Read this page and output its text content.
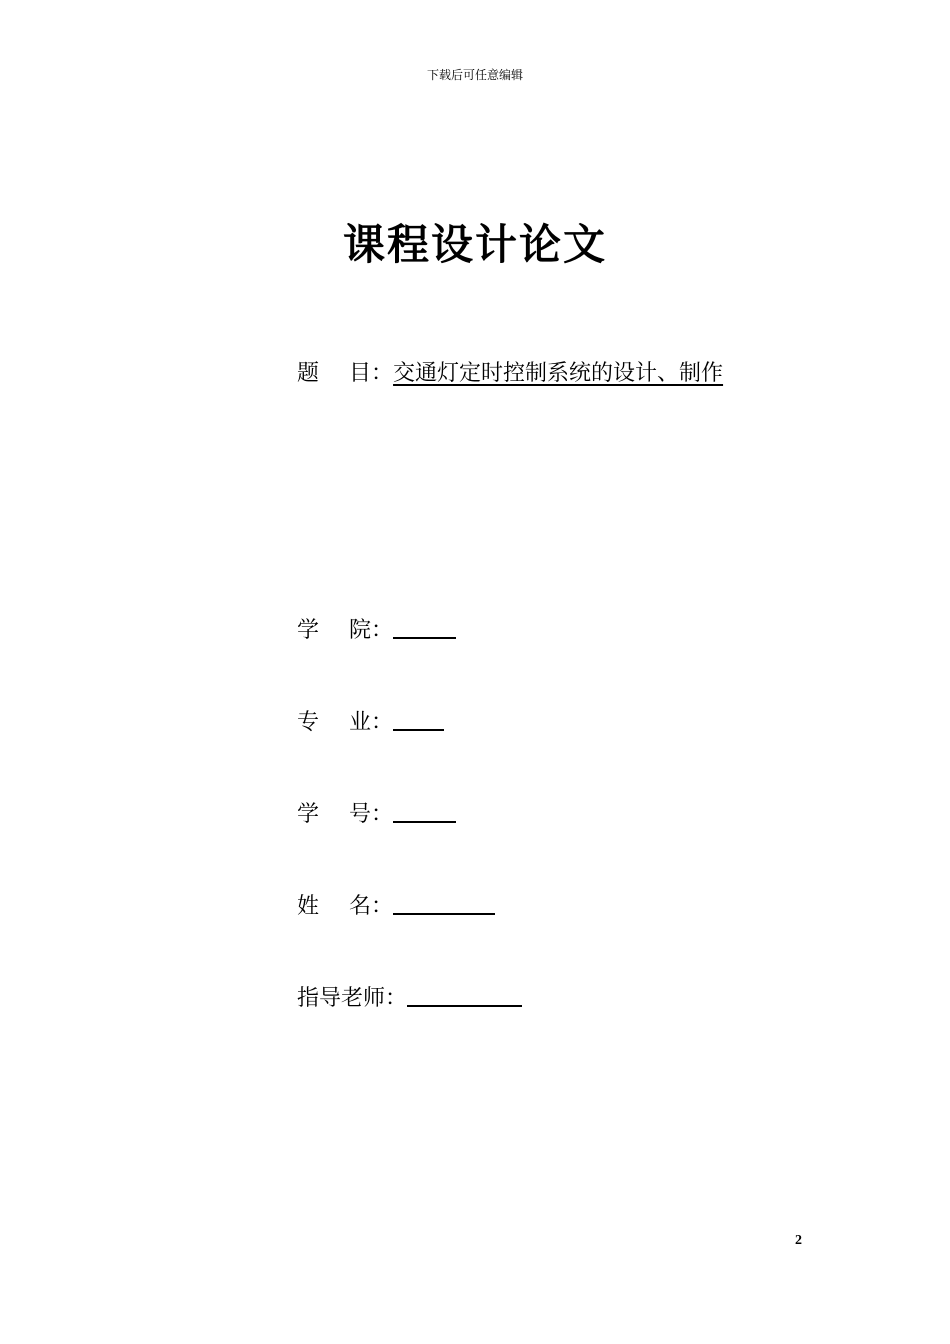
下载后可任意编辑
课程设计论文
题 目：交通灯定时控制系统的设计、制作
学 院：
专 业：
学 号：
姓 名：
指导老师：
2
